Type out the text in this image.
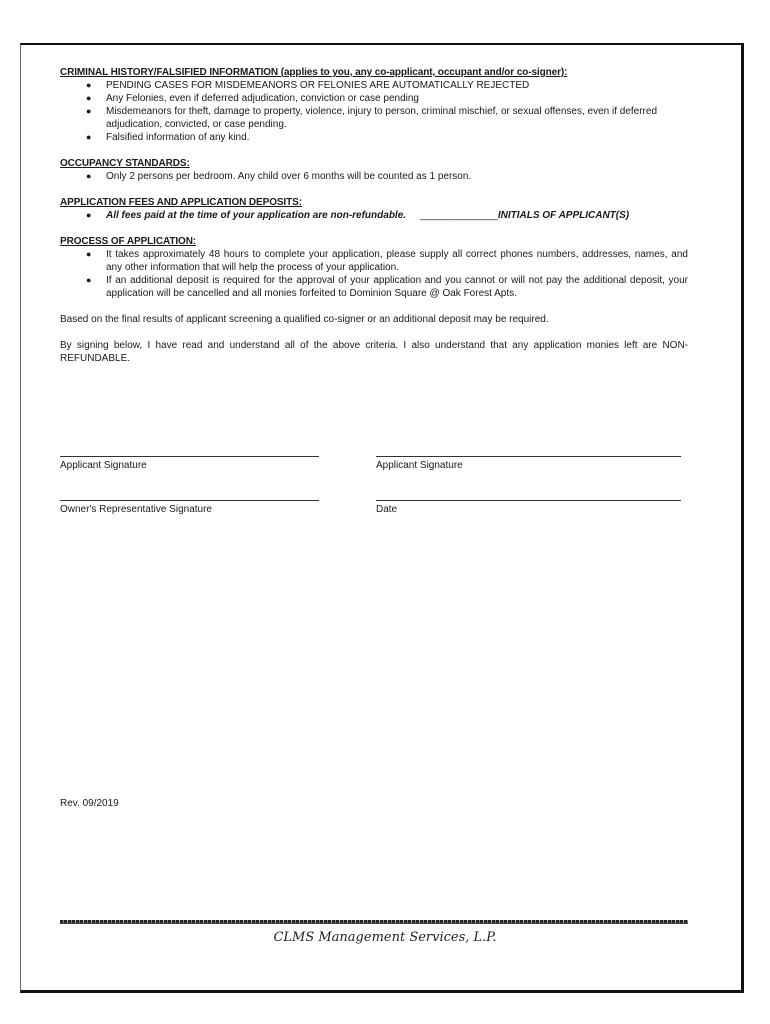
CRIMINAL HISTORY/FALSIFIED INFORMATION (applies to you, any co-applicant, occupant and/or co-signer):
● PENDING CASES FOR MISDEMEANORS OR FELONIES ARE AUTOMATICALLY REJECTED
● Any Felonies, even if deferred adjudication, conviction or case pending
● Misdemeanors for theft, damage to property, violence, injury to person, criminal mischief, or sexual offenses, even if deferred adjudication, convicted, or case pending.
● Falsified information of any kind.
OCCUPANCY STANDARDS:
● Only 2 persons per bedroom. Any child over 6 months will be counted as 1 person.
APPLICATION FEES AND APPLICATION DEPOSITS:
● All fees paid at the time of your application are non-refundable. ______________INITIALS OF APPLICANT(S)
PROCESS OF APPLICATION:
● It takes approximately 48 hours to complete your application, please supply all correct phones numbers, addresses, names, and any other information that will help the process of your application.
● If an additional deposit is required for the approval of your application and you cannot or will not pay the additional deposit, your application will be cancelled and all monies forfeited to Dominion Square @ Oak Forest Apts.

Based on the final results of applicant screening a qualified co-signer or an additional deposit may be required.

By signing below, I have read and understand all of the above criteria. I also understand that any application monies left are NON-REFUNDABLE.

Applicant Signature	Applicant Signature
Owner's Representative Signature	Date
Rev. 09/2019
CLMS Management Services, L.P.
